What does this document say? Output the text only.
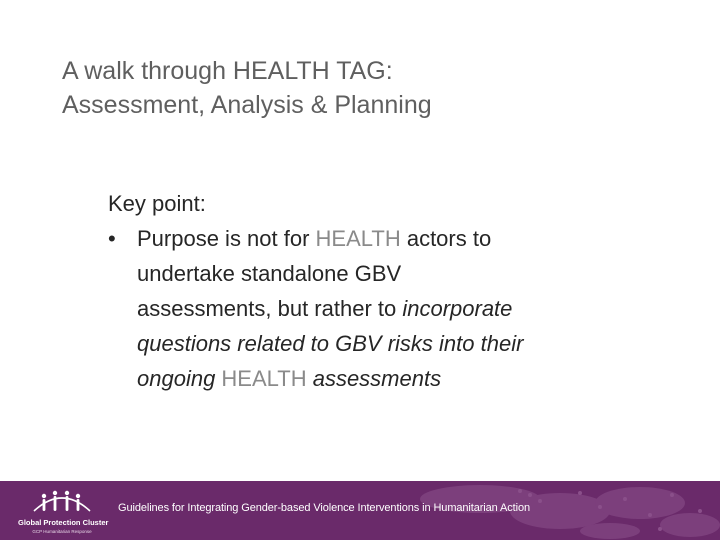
A walk through HEALTH TAG:
Assessment, Analysis & Planning
Key point:
• Purpose is not for HEALTH actors to
undertake standalone GBV
assessments, but rather to incorporate
questions related to GBV risks into their
ongoing HEALTH assessments
Global Protection Cluster
GCP Humanitarian Response
Guidelines for Integrating Gender-based Violence Interventions in Humanitarian Action
